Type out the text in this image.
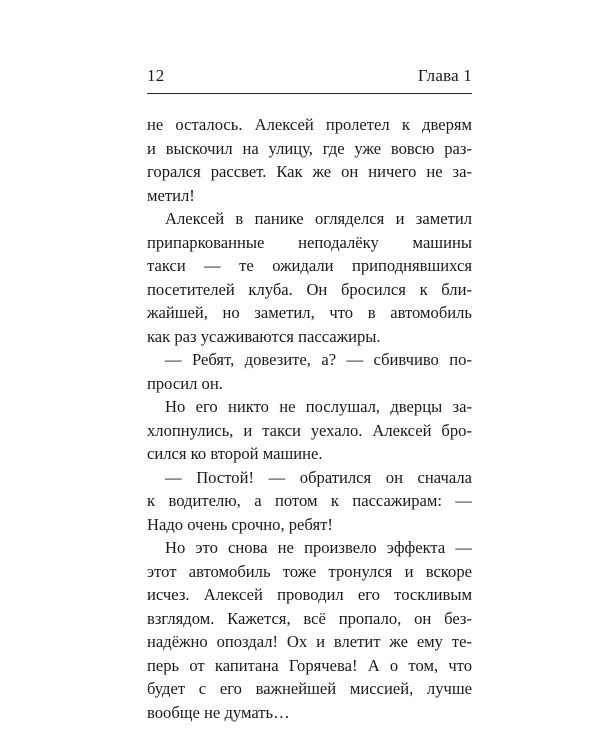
12	Глава 1
не осталось. Алексей пролетел к дверям
и выскочил на улицу, где уже вовсю раз-
горался рассвет. Как же он ничего не за-
метил!
Алексей в панике огляделся и заметил
припаркованные неподалёку машины
такси — те ожидали приподнявшихся
посетителей клуба. Он бросился к бли-
жайшей, но заметил, что в автомобиль
как раз усаживаются пассажиры.
— Ребят, довезите, а? — сбивчиво по-
просил он.
Но его никто не послушал, дверцы за-
хлопнулись, и такси уехало. Алексей бро-
сился ко второй машине.
— Постой! — обратился он сначала
к водителю, а потом к пассажирам: —
Надо очень срочно, ребят!
Но это снова не произвело эффекта —
этот автомобиль тоже тронулся и вскоре
исчез. Алексей проводил его тоскливым
взглядом. Кажется, всё пропало, он без-
надёжно опоздал! Ох и влетит же ему те-
перь от капитана Горячева! А о том, что
будет с его важнейшей миссией, лучше
вообще не думать…
